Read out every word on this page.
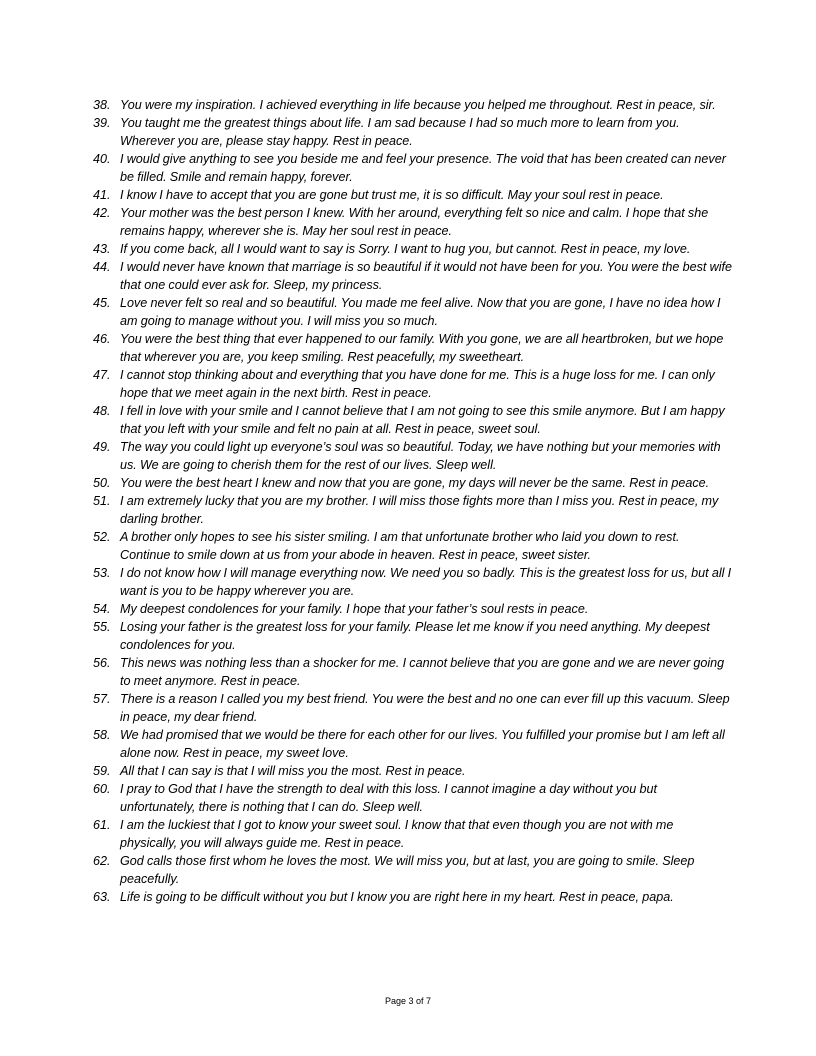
38. You were my inspiration. I achieved everything in life because you helped me throughout. Rest in peace, sir.
39. You taught me the greatest things about life. I am sad because I had so much more to learn from you. Wherever you are, please stay happy. Rest in peace.
40. I would give anything to see you beside me and feel your presence. The void that has been created can never be filled. Smile and remain happy, forever.
41. I know I have to accept that you are gone but trust me, it is so difficult. May your soul rest in peace.
42. Your mother was the best person I knew. With her around, everything felt so nice and calm. I hope that she remains happy, wherever she is. May her soul rest in peace.
43. If you come back, all I would want to say is Sorry. I want to hug you, but cannot. Rest in peace, my love.
44. I would never have known that marriage is so beautiful if it would not have been for you. You were the best wife that one could ever ask for. Sleep, my princess.
45. Love never felt so real and so beautiful. You made me feel alive. Now that you are gone, I have no idea how I am going to manage without you. I will miss you so much.
46. You were the best thing that ever happened to our family. With you gone, we are all heartbroken, but we hope that wherever you are, you keep smiling. Rest peacefully, my sweetheart.
47. I cannot stop thinking about and everything that you have done for me. This is a huge loss for me. I can only hope that we meet again in the next birth. Rest in peace.
48. I fell in love with your smile and I cannot believe that I am not going to see this smile anymore. But I am happy that you left with your smile and felt no pain at all. Rest in peace, sweet soul.
49. The way you could light up everyone’s soul was so beautiful. Today, we have nothing but your memories with us. We are going to cherish them for the rest of our lives. Sleep well.
50. You were the best heart I knew and now that you are gone, my days will never be the same. Rest in peace.
51. I am extremely lucky that you are my brother. I will miss those fights more than I miss you. Rest in peace, my darling brother.
52. A brother only hopes to see his sister smiling. I am that unfortunate brother who laid you down to rest. Continue to smile down at us from your abode in heaven. Rest in peace, sweet sister.
53. I do not know how I will manage everything now. We need you so badly. This is the greatest loss for us, but all I want is you to be happy wherever you are.
54. My deepest condolences for your family. I hope that your father’s soul rests in peace.
55. Losing your father is the greatest loss for your family. Please let me know if you need anything. My deepest condolences for you.
56. This news was nothing less than a shocker for me. I cannot believe that you are gone and we are never going to meet anymore. Rest in peace.
57. There is a reason I called you my best friend. You were the best and no one can ever fill up this vacuum. Sleep in peace, my dear friend.
58. We had promised that we would be there for each other for our lives. You fulfilled your promise but I am left all alone now. Rest in peace, my sweet love.
59. All that I can say is that I will miss you the most. Rest in peace.
60. I pray to God that I have the strength to deal with this loss. I cannot imagine a day without you but unfortunately, there is nothing that I can do. Sleep well.
61. I am the luckiest that I got to know your sweet soul. I know that that even though you are not with me physically, you will always guide me. Rest in peace.
62. God calls those first whom he loves the most. We will miss you, but at last, you are going to smile. Sleep peacefully.
63. Life is going to be difficult without you but I know you are right here in my heart. Rest in peace, papa.
Page 3 of 7
